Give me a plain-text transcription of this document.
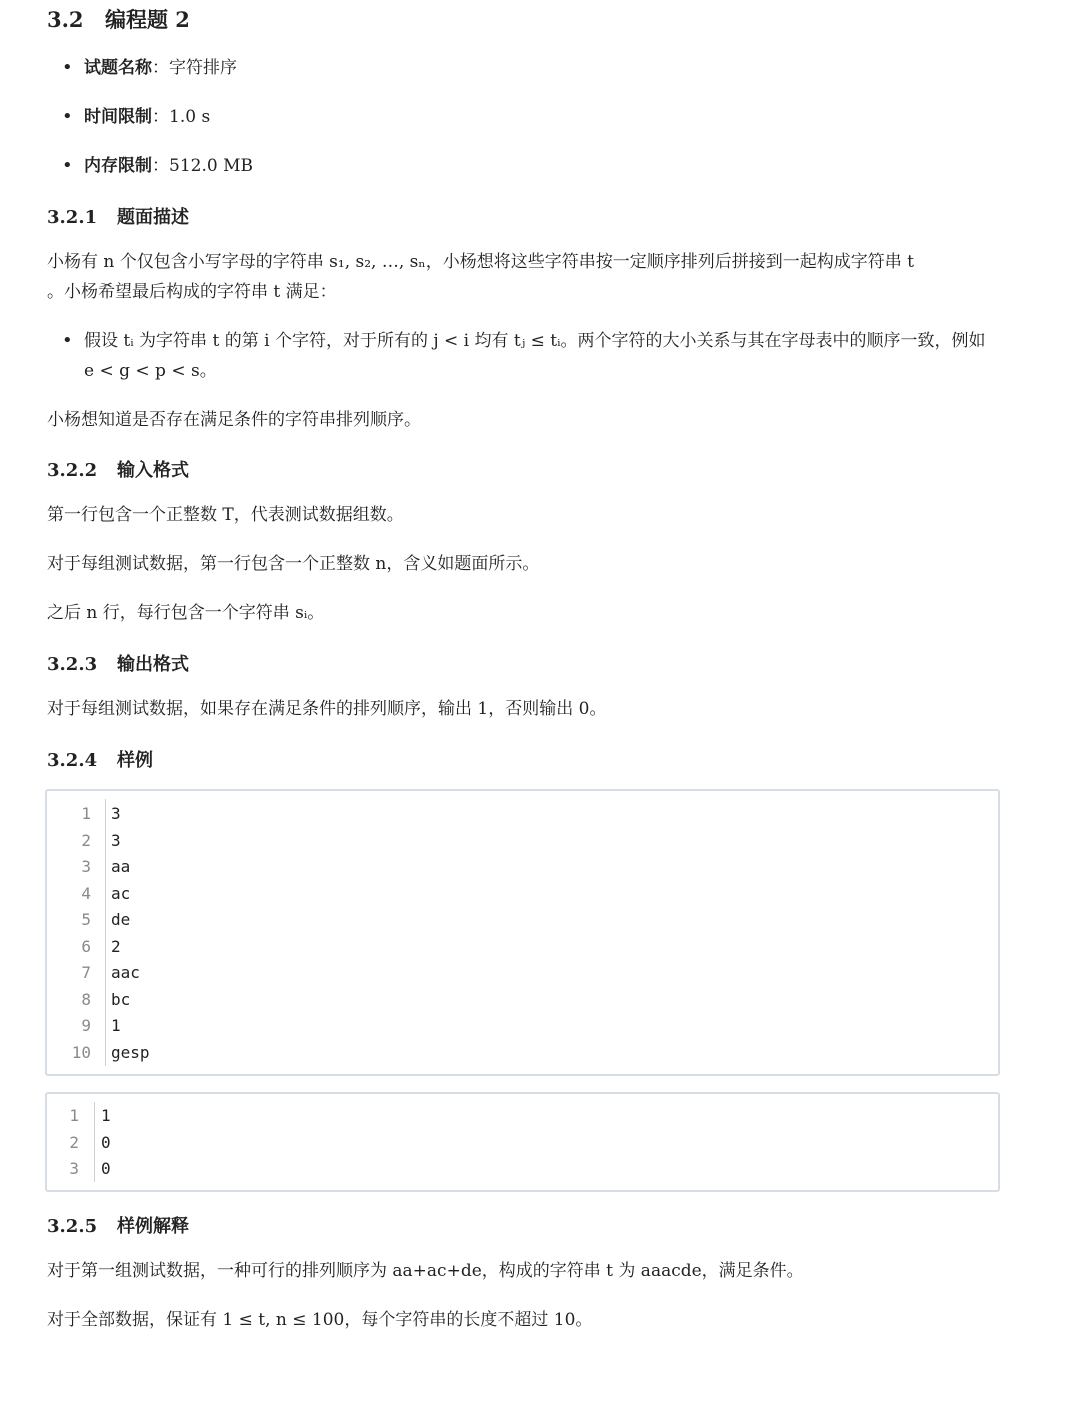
3.2 编程题 2
• 试题名称：字符排序
• 时间限制：1.0 s
• 内存限制：512.0 MB
3.2.1 题面描述

小杨有 n 个仅包含小写字母的字符串 s₁, s₂, …, sₙ，小杨想将这些字符串按一定顺序排列后拼接到一起构成字符串 t
。小杨希望最后构成的字符串 t 满足：

• 假设 tᵢ 为字符串 t 的第 i 个字符，对于所有的 j < i 均有 tⱼ ≤ tᵢ。两个字符的大小关系与其在字母表中的顺序一致，例如 e < g < p < s。

小杨想知道是否存在满足条件的字符串排列顺序。

3.2.2 输入格式

第一行包含一个正整数 T，代表测试数据组数。

对于每组测试数据，第一行包含一个正整数 n，含义如题面所示。

之后 n 行，每行包含一个字符串 sᵢ。

3.2.3 输出格式

对于每组测试数据，如果存在满足条件的排列顺序，输出 1，否则输出 0。

3.2.4 样例
1 3
2 3
3 aa
4 ac
5 de
6 2
7 aac
8 bc
9 1
10 gesp
1 1
2 0
3 0
3.2.5 样例解释

对于第一组测试数据，一种可行的排列顺序为 aa+ac+de，构成的字符串 t 为 aaacde，满足条件。

对于全部数据，保证有 1 ≤ t, n ≤ 100，每个字符串的长度不超过 10。
